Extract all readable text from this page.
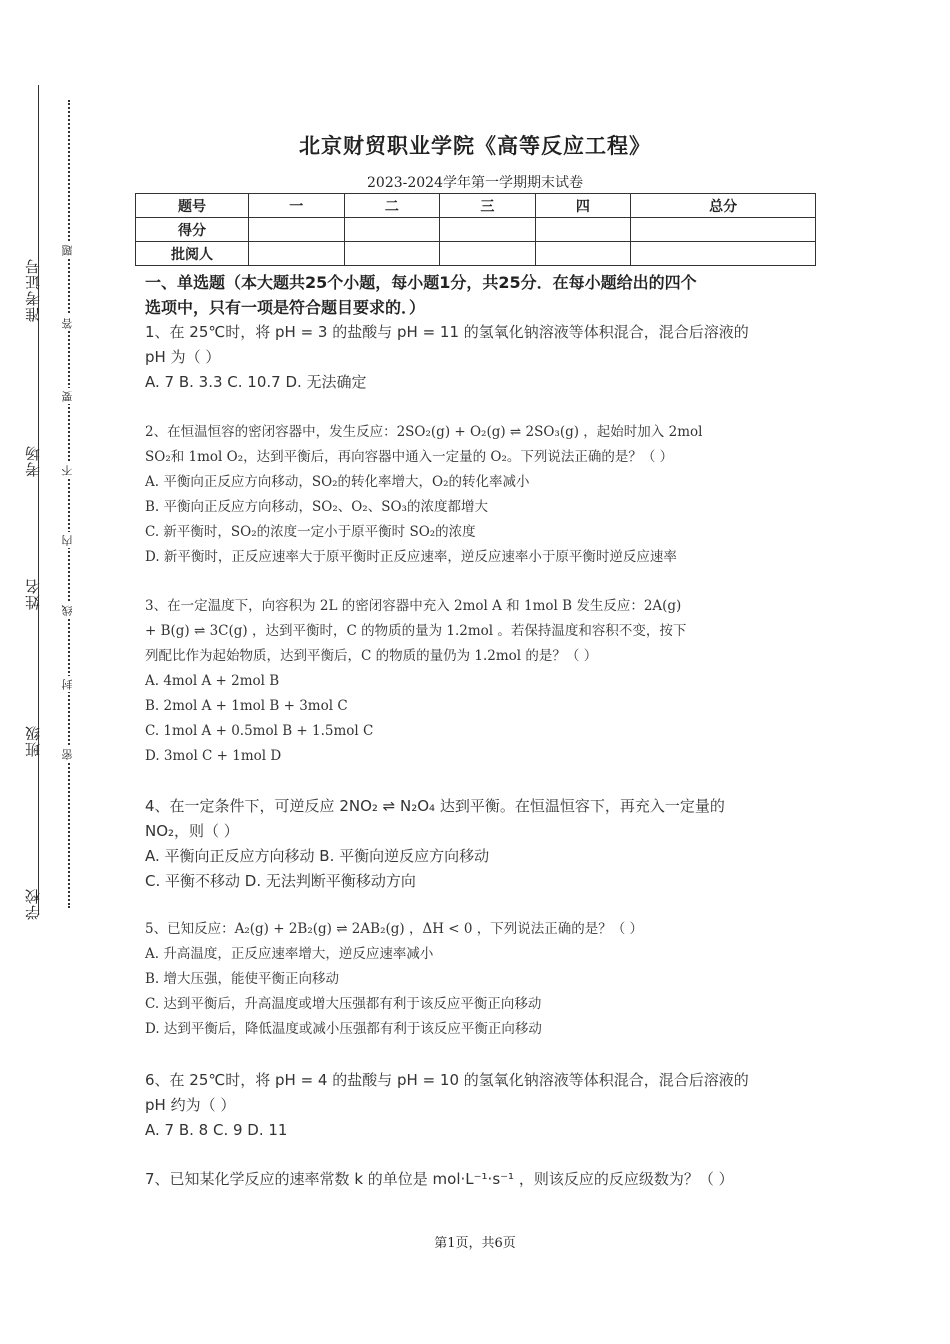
准考证号
考场
姓名
班级
学校
题
答
要
不
内
线
封
密
北京财贸职业学院《高等反应工程》
2023-2024学年第一学期期末试卷
题号	一	二	三	四	总分
得分					
批阅人					
一、单选题（本大题共25个小题，每小题1分，共25分．在每小题给出的四个
选项中，只有一项是符合题目要求的．）
1、在 25℃时，将 pH = 3 的盐酸与 pH = 11 的氢氧化钠溶液等体积混合，混合后溶液的
pH 为（ ）
A. 7 B. 3.3 C. 10.7 D. 无法确定
2、在恒温恒容的密闭容器中，发生反应：2SO₂(g) + O₂(g) ⇌ 2SO₃(g) ，起始时加入 2mol
SO₂和 1mol O₂，达到平衡后，再向容器中通入一定量的 O₂。下列说法正确的是？（ ）
A. 平衡向正反应方向移动，SO₂的转化率增大，O₂的转化率减小
B. 平衡向正反应方向移动，SO₂、O₂、SO₃的浓度都增大
C. 新平衡时，SO₂的浓度一定小于原平衡时 SO₂的浓度
D. 新平衡时，正反应速率大于原平衡时正反应速率，逆反应速率小于原平衡时逆反应速率
3、在一定温度下，向容积为 2L 的密闭容器中充入 2mol A 和 1mol B 发生反应：2A(g)
+ B(g) ⇌ 3C(g) ，达到平衡时，C 的物质的量为 1.2mol 。若保持温度和容积不变，按下
列配比作为起始物质，达到平衡后，C 的物质的量仍为 1.2mol 的是？（ ）
A. 4mol A + 2mol B
B. 2mol A + 1mol B + 3mol C
C. 1mol A + 0.5mol B + 1.5mol C
D. 3mol C + 1mol D
4、在一定条件下，可逆反应 2NO₂ ⇌ N₂O₄ 达到平衡。在恒温恒容下，再充入一定量的
NO₂，则（ ）
A. 平衡向正反应方向移动 B. 平衡向逆反应方向移动
C. 平衡不移动 D. 无法判断平衡移动方向
5、已知反应：A₂(g) + 2B₂(g) ⇌ 2AB₂(g) ，ΔH < 0 ，下列说法正确的是？（ ）
A. 升高温度，正反应速率增大，逆反应速率减小
B. 增大压强，能使平衡正向移动
C. 达到平衡后，升高温度或增大压强都有利于该反应平衡正向移动
D. 达到平衡后，降低温度或减小压强都有利于该反应平衡正向移动
6、在 25℃时，将 pH = 4 的盐酸与 pH = 10 的氢氧化钠溶液等体积混合，混合后溶液的
pH 约为（ ）
A. 7 B. 8 C. 9 D. 11
7、已知某化学反应的速率常数 k 的单位是 mol·L⁻¹·s⁻¹ ，则该反应的反应级数为？（ ）
第1页，共6页
